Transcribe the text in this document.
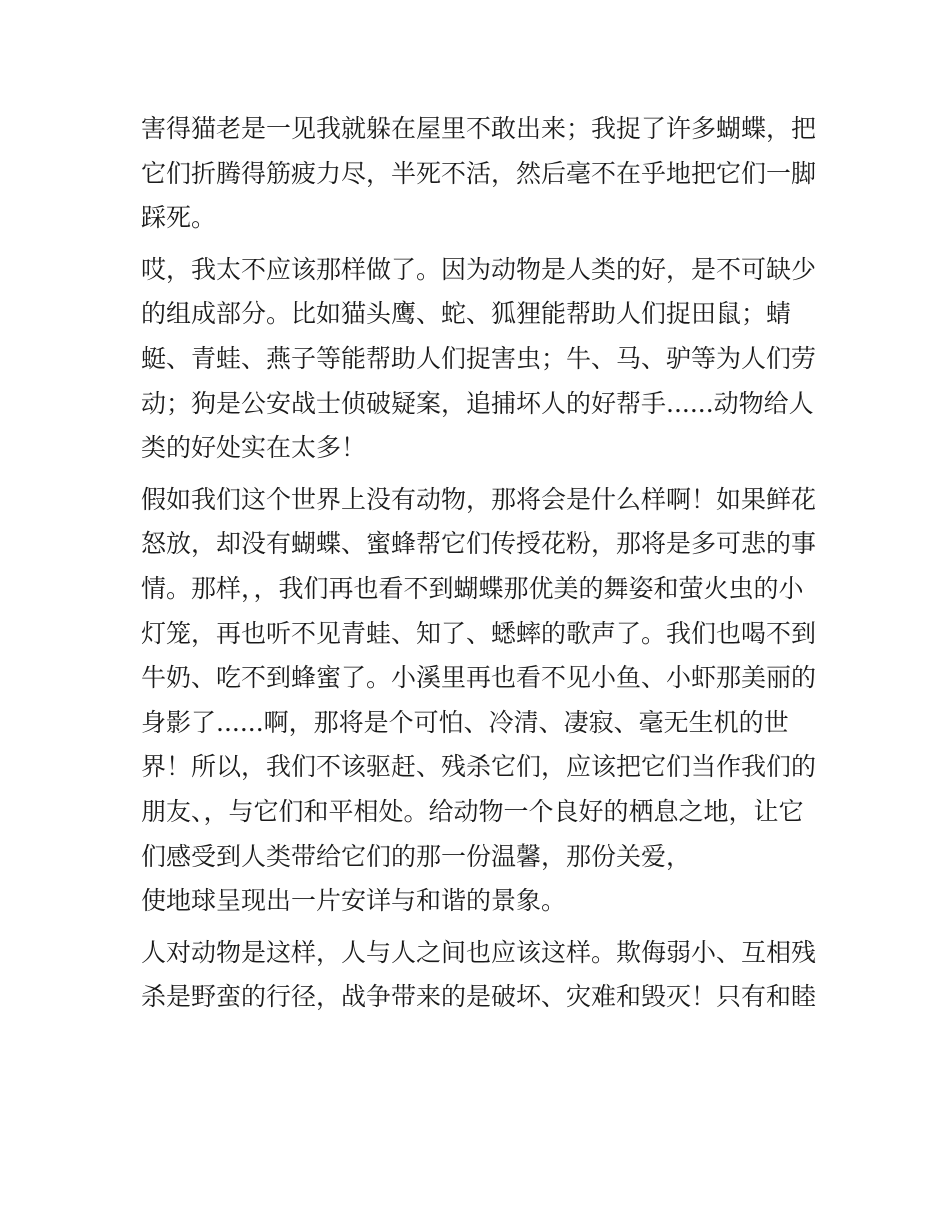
害得猫老是一见我就躲在屋里不敢出来；我捉了许多蝴蝶，把
它们折腾得筋疲力尽，半死不活，然后毫不在乎地把它们一脚
踩死。
哎，我太不应该那样做了。因为动物是人类的好，是不可缺少
的组成部分。比如猫头鹰、蛇、狐狸能帮助人们捉田鼠；蜻
蜓、青蛙、燕子等能帮助人们捉害虫；牛、马、驴等为人们劳
动；狗是公安战士侦破疑案，追捕坏人的好帮手......动物给人
类的好处实在太多！
假如我们这个世界上没有动物，那将会是什么样啊！如果鲜花
怒放，却没有蝴蝶、蜜蜂帮它们传授花粉，那将是多可悲的事
情。那样，，我们再也看不到蝴蝶那优美的舞姿和萤火虫的小
灯笼，再也听不见青蛙、知了、蟋蟀的歌声了。我们也喝不到
牛奶、吃不到蜂蜜了。小溪里再也看不见小鱼、小虾那美丽的
身影了......啊，那将是个可怕、冷清、凄寂、毫无生机的世
界！所以，我们不该驱赶、残杀它们，应该把它们当作我们的
朋友、，与它们和平相处。给动物一个良好的栖息之地，让它
们感受到人类带给它们的那一份温馨，那份关爱，
使地球呈现出一片安详与和谐的景象。
人对动物是这样，人与人之间也应该这样。欺侮弱小、互相残
杀是野蛮的行径，战争带来的是破坏、灾难和毁灭！只有和睦
